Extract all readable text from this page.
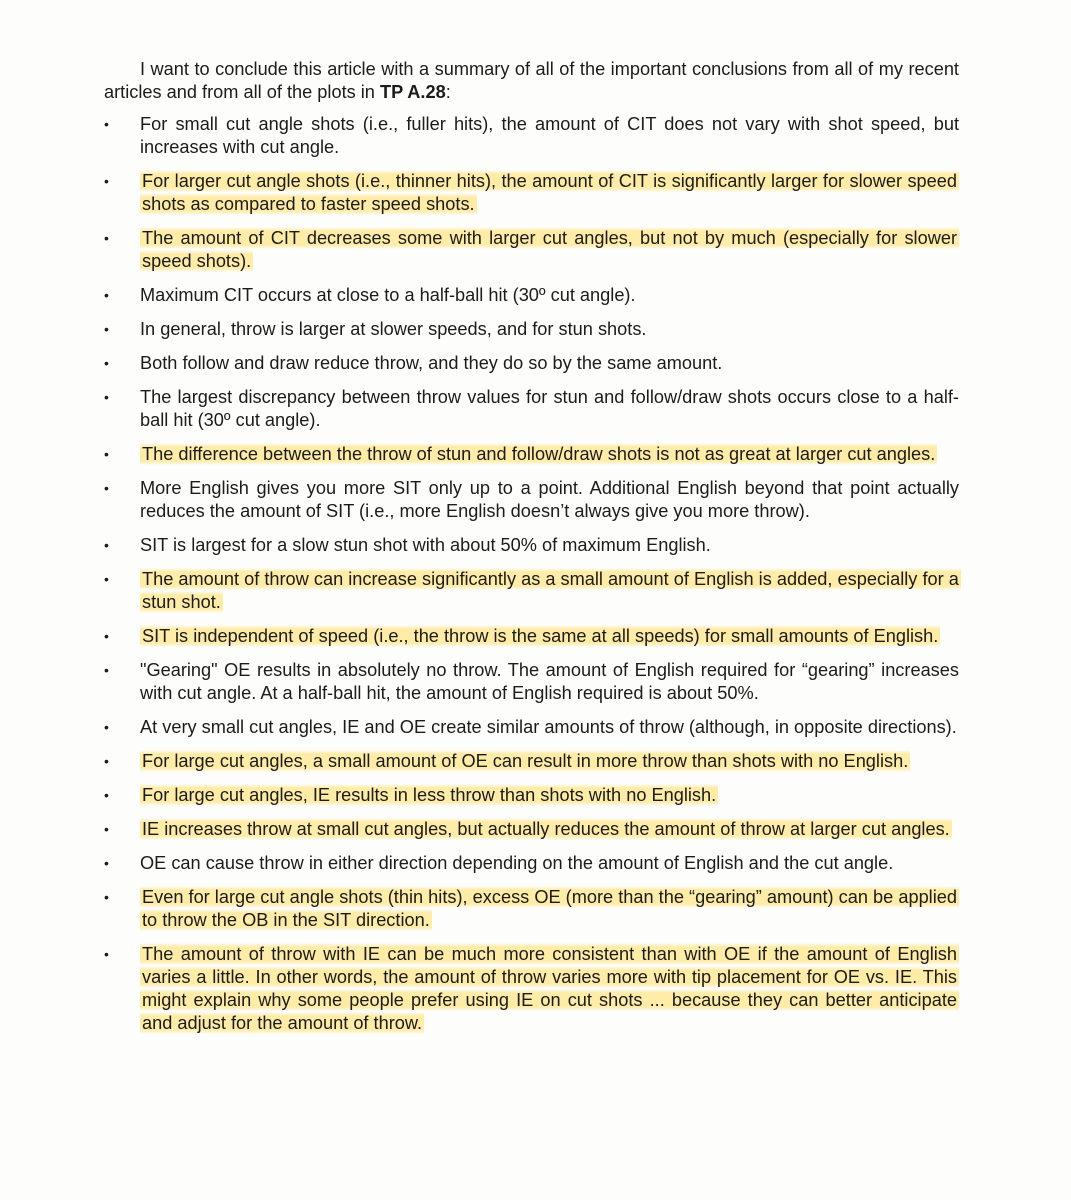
I want to conclude this article with a summary of all of the important conclusions from all of my recent articles and from all of the plots in TP A.28:

• For small cut angle shots (i.e., fuller hits), the amount of CIT does not vary with shot speed, but increases with cut angle.
• For larger cut angle shots (i.e., thinner hits), the amount of CIT is significantly larger for slower speed shots as compared to faster speed shots.
• The amount of CIT decreases some with larger cut angles, but not by much (especially for slower speed shots).
• Maximum CIT occurs at close to a half-ball hit (30º cut angle).
• In general, throw is larger at slower speeds, and for stun shots.
• Both follow and draw reduce throw, and they do so by the same amount.
• The largest discrepancy between throw values for stun and follow/draw shots occurs close to a half-ball hit (30º cut angle).
• The difference between the throw of stun and follow/draw shots is not as great at larger cut angles.
• More English gives you more SIT only up to a point. Additional English beyond that point actually reduces the amount of SIT (i.e., more English doesn’t always give you more throw).
• SIT is largest for a slow stun shot with about 50% of maximum English.
• The amount of throw can increase significantly as a small amount of English is added, especially for a stun shot.
• SIT is independent of speed (i.e., the throw is the same at all speeds) for small amounts of English.
• "Gearing" OE results in absolutely no throw. The amount of English required for “gearing” increases with cut angle. At a half-ball hit, the amount of English required is about 50%.
• At very small cut angles, IE and OE create similar amounts of throw (although, in opposite directions).
• For large cut angles, a small amount of OE can result in more throw than shots with no English.
• For large cut angles, IE results in less throw than shots with no English.
• IE increases throw at small cut angles, but actually reduces the amount of throw at larger cut angles.
• OE can cause throw in either direction depending on the amount of English and the cut angle.
• Even for large cut angle shots (thin hits), excess OE (more than the “gearing” amount) can be applied to throw the OB in the SIT direction.
• The amount of throw with IE can be much more consistent than with OE if the amount of English varies a little. In other words, the amount of throw varies more with tip placement for OE vs. IE. This might explain why some people prefer using IE on cut shots ... because they can better anticipate and adjust for the amount of throw.
